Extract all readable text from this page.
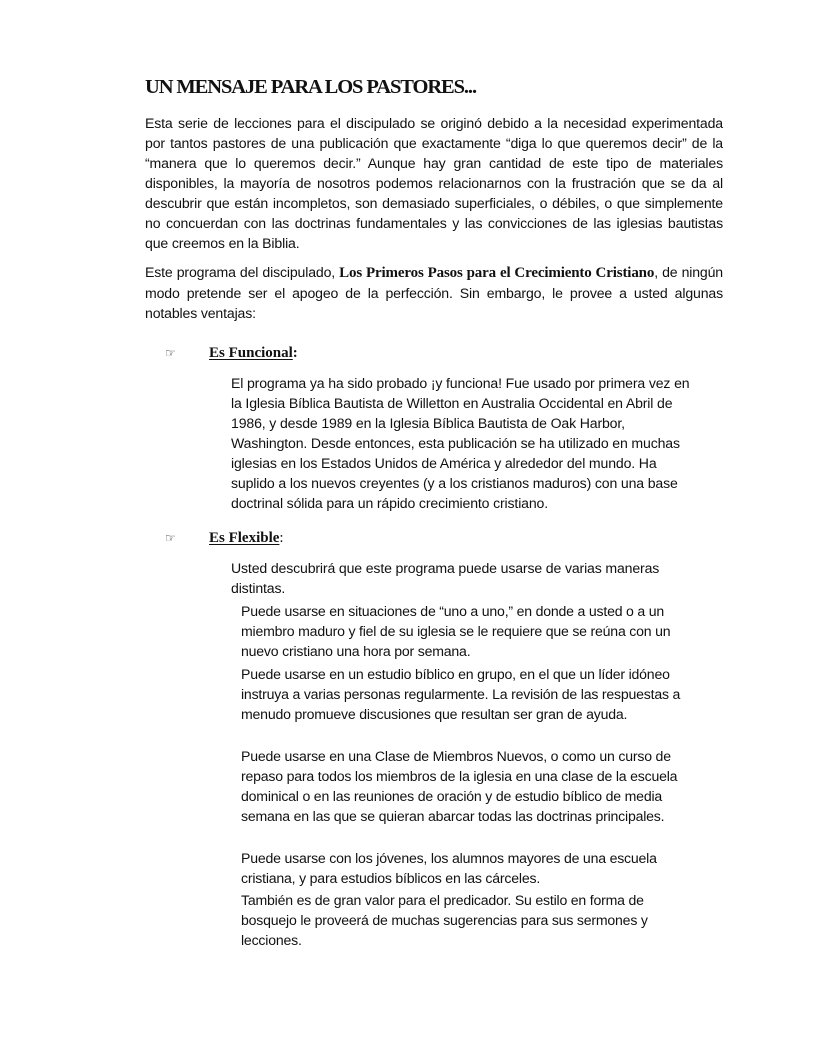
UN MENSAJE PARA LOS PASTORES...

Esta serie de lecciones para el discipulado se originó debido a la necesidad experimentada por tantos pastores de una publicación que exactamente “diga lo que queremos decir” de la “manera que lo queremos decir.” Aunque hay gran cantidad de este tipo de materiales disponibles, la mayoría de nosotros podemos relacionarnos con la frustración que se da al descubrir que están incompletos, son demasiado superficiales, o débiles, o que simplemente no concuerdan con las doctrinas fundamentales y las convicciones de las iglesias bautistas que creemos en la Biblia.

Este programa del discipulado, Los Primeros Pasos para el Crecimiento Cristiano, de ningún modo pretende ser el apogeo de la perfección. Sin embargo, le provee a usted algunas notables ventajas:

☞ Es Funcional:

El programa ya ha sido probado ¡y funciona! Fue usado por primera vez en la Iglesia Bíblica Bautista de Willetton en Australia Occidental en Abril de 1986, y desde 1989 en la Iglesia Bíblica Bautista de Oak Harbor, Washington. Desde entonces, esta publicación se ha utilizado en muchas iglesias en los Estados Unidos de América y alrededor del mundo. Ha suplido a los nuevos creyentes (y a los cristianos maduros) con una base doctrinal sólida para un rápido crecimiento cristiano.

☞ Es Flexible:

Usted descubrirá que este programa puede usarse de varias maneras distintas.

Puede usarse en situaciones de “uno a uno,” en donde a usted o a un miembro maduro y fiel de su iglesia se le requiere que se reúna con un nuevo cristiano una hora por semana.

Puede usarse en un estudio bíblico en grupo, en el que un líder idóneo instruya a varias personas regularmente. La revisión de las respuestas a menudo promueve discusiones que resultan ser gran de ayuda.

Puede usarse en una Clase de Miembros Nuevos, o como un curso de repaso para todos los miembros de la iglesia en una clase de la escuela dominical o en las reuniones de oración y de estudio bíblico de media semana en las que se quieran abarcar todas las doctrinas principales.

Puede usarse con los jóvenes, los alumnos mayores de una escuela cristiana, y para estudios bíblicos en las cárceles.

También es de gran valor para el predicador. Su estilo en forma de bosquejo le proveerá de muchas sugerencias para sus sermones y lecciones.
